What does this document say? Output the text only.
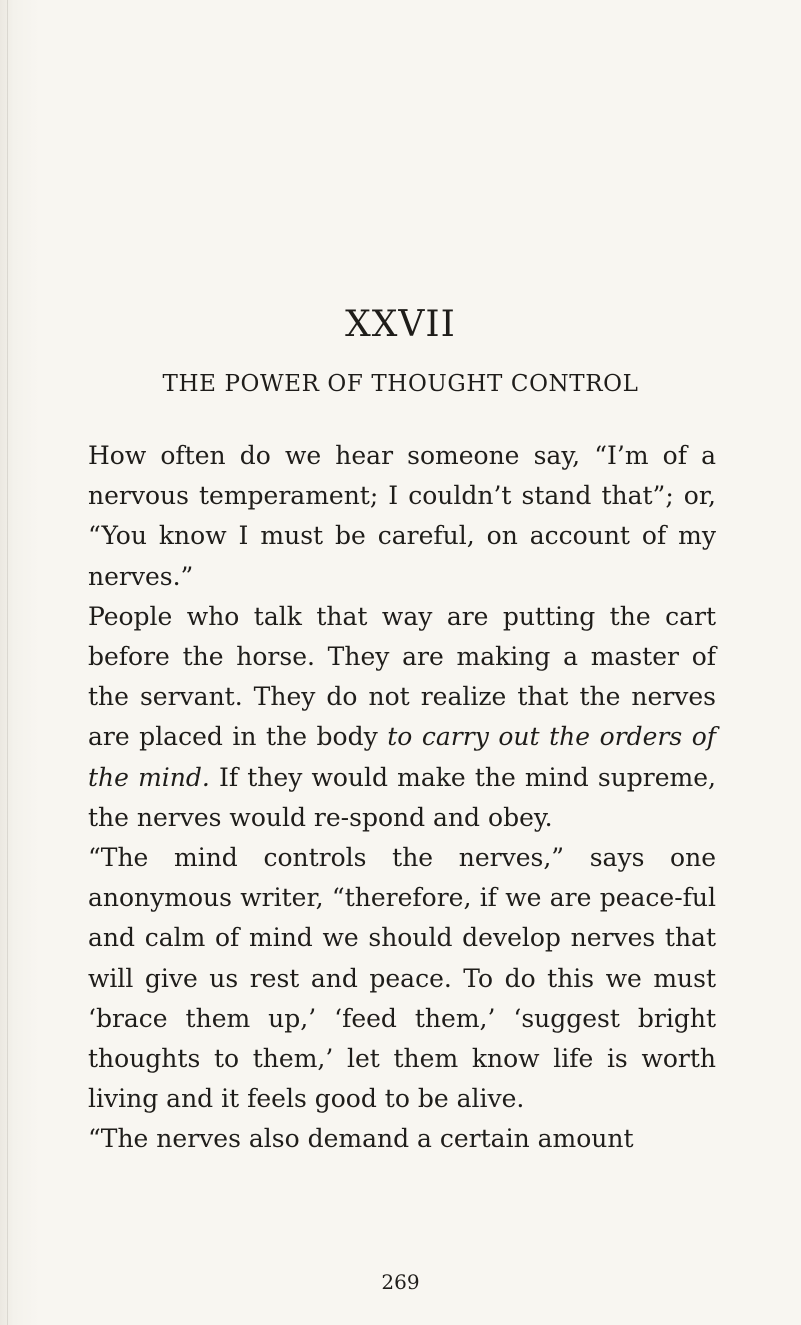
XXVII
THE POWER OF THOUGHT CONTROL

How often do we hear someone say, “I’m of a nervous temperament; I couldn’t stand that”; or, “You know I must be careful, on account of my nerves.”

People who talk that way are putting the cart before the horse. They are making a master of the servant. They do not realize that the nerves are placed in the body to carry out the orders of the mind. If they would make the mind supreme, the nerves would re-spond and obey.

“The mind controls the nerves,” says one anonymous writer, “therefore, if we are peace-ful and calm of mind we should develop nerves that will give us rest and peace. To do this we must ‘brace them up,’ ‘feed them,’ ‘suggest bright thoughts to them,’ let them know life is worth living and it feels good to be alive.

“The nerves also demand a certain amount

269
